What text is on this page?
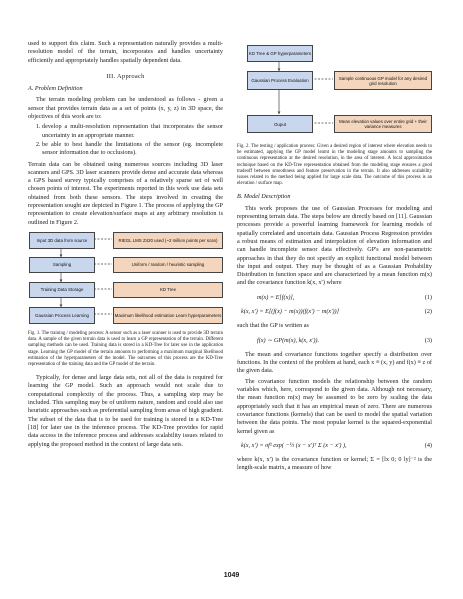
used to support this claim. Such a representation naturally provides a multi-resolution model of the terrain, incorporates and handles uncertainty efficiently and appropriately handles spatially dependent data.

III. Approach
A. Problem Definition

The terrain modeling problem can be understood as follows - given a sensor that provides terrain data as a set of points (x, y, z) in 3D space, the objectives of this work are to:

1. develop a multi-resolution representation that incorporates the sensor uncertainty in an appropriate manner.
2. be able to best handle the limitations of the sensor (eg. incomplete sensor information due to occlusions).

Terrain data can be obtained using numerous sources including 3D laser scanners and GPS. 3D laser scanners provide dense and accurate data whereas a GPS based survey typically comprises of a relatively sparse set of well chosen points of interest. The experiments reported in this work use data sets obtained from both these sensors. The steps involved in creating the representation sought are depicted in Figure 1. The process of applying the GP representation to create elevation/surface maps at any arbitrary resolution is outlined in Figure 2.

Input 3D data from source	RIEGL LMS Z420 used (~2 million points per scan)
Sampling	Uniform / random / heuristic sampling
Training Data Storage	KD Tree
Gaussian Process Learning	Maximum likelihood estimation Learn hyperparameters
Fig. 1. The training / modeling process: A sensor such as a laser scanner is used to provide 3D terrain data. A sample of the given terrain data is used to learn a GP representation of the terrain. Different sampling methods can be used. Training data is stored in a KD-Tree for later use in the application stage. Learning the GP model of the terrain amounts to performing a maximum marginal likelihood estimation of the hyperparameters of the model. The outcomes of this process are the KD-Tree representation of the training data and the GP model of the terrain.

Typically, for dense and large data sets, not all of the data is required for learning the GP model. Such an approach would not scale due to computational complexity of the process. Thus, a sampling step may be included. This sampling may be of uniform nature, random and could also use heuristic approaches such as preferential sampling from areas of high gradient. The subset of the data that is to be used for training is stored in a KD-Tree [18] for later use in the inference process. The KD-Tree provides for rapid data access in the inference process and addresses scalability issues related to applying the proposed method in the context of large data sets.

KD Tree & GP hyperparameters
Gaussian Process Evaluation	Sample continuous GP model for any desired grid resolution
Ouput	Mean elevation values over entire grid + their variance measures
Fig. 2. The testing / application process: Given a desired region of interest where elevation needs to be estimated, applying the GP model learnt in the modeling stage amounts to sampling the continuous representation at the desired resolution, in the area of interest. A local approximation technique based on the KD-Tree representation obtained from the modeling stage ensures a good tradeoff between smoothness and feature preservation in the terrain. It also addresses scalability issues related to the method being applied for large scale data. The outcome of this process is an elevation / surface map.
B. Model Description

This work proposes the use of Gaussian Processes for modeling and representing terrain data. The steps below are directly based on [11]. Gaussian processes provide a powerful learning framework for learning models of spatially correlated and uncertain data. Gaussian Process Regression provides a robust means of estimation and interpolation of elevation information and can handle incomplete sensor data effectively. GP's are non-parametric approaches in that they do not specify an explicit functional model between the input and output. They may be thought of as a Gaussian Probability Distribution in function space and are characterized by a mean function m(x) and the covariance function k(x, x′) where

m(x) = E[f(x)],	(1)
k(x, x′) = E[(f(x) − m(x))(f(x′) − m(x′))]	(2)

such that the GP is written as

f(x) ∼ GP(m(x), k(x, x′)).	(3)

The mean and covariance functions together specify a distribution over functions. In the context of the problem at hand, each x ≡ (x, y) and f(x) ≡ z of the given data.

The covariance function models the relationship between the random variables which, here, correspond to the given data. Although not necessary, the mean function m(x) may be assumed to be zero by scaling the data appropriately such that it has an empirical mean of zero. There are numerous covariance functions (kernels) that can be used to model the spatial variation between the data points. The most popular kernel is the squared-exponential kernel given as

k(x, x′) = σf² exp( −½ (x − x′)ᵀ Σ (x − x′) ),	(4)

where k(x, x′) is the covariance function or kernel; Σ = [lx 0; 0 ly]⁻² is the length-scale matrix, a measure of how

1049
